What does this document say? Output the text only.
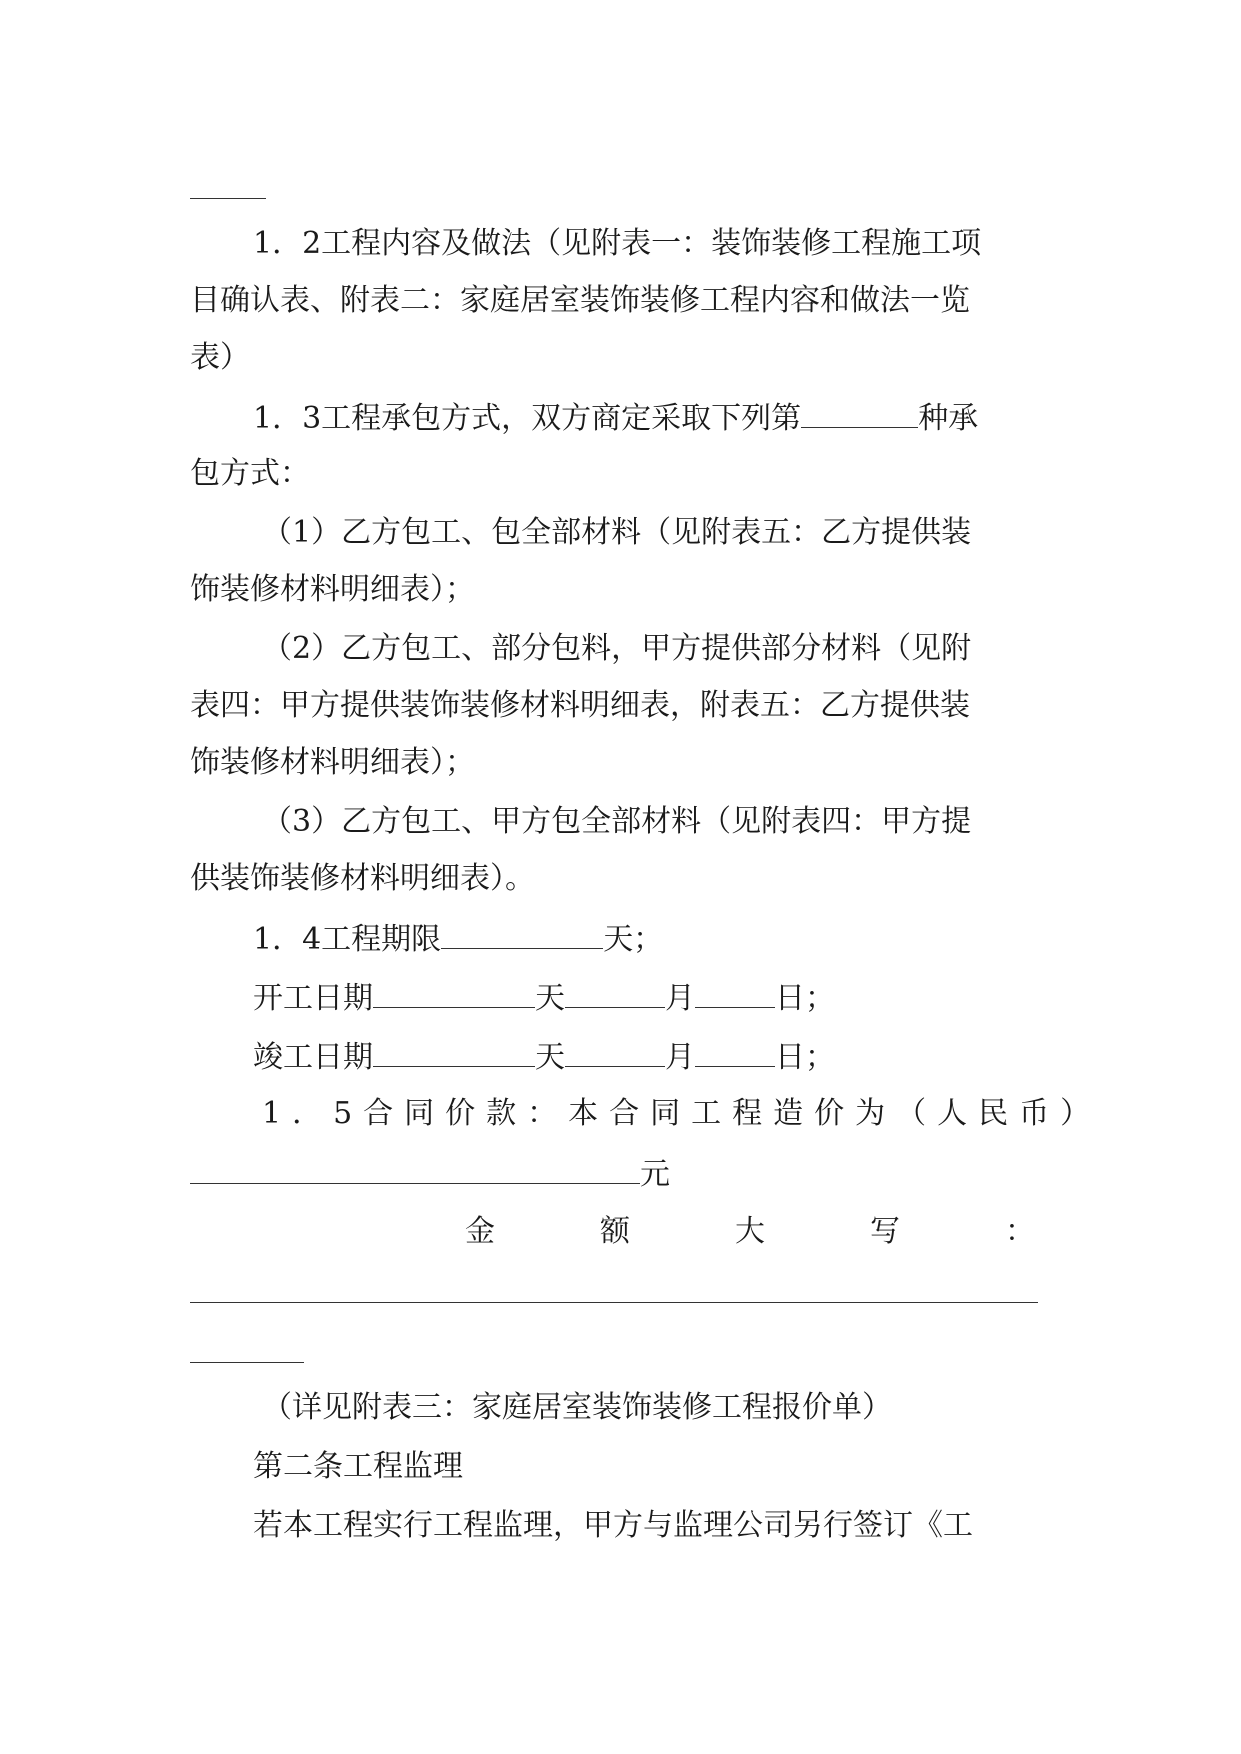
1．2工程内容及做法（见附表一：装饰装修工程施工项
目确认表、附表二：家庭居室装饰装修工程内容和做法一览
表）
1．3工程承包方式，双方商定采取下列第	种承
包方式：
（1）乙方包工、包全部材料（见附表五：乙方提供装
饰装修材料明细表）；
（2）乙方包工、部分包料，甲方提供部分材料（见附
表四：甲方提供装饰装修材料明细表，附表五：乙方提供装
饰装修材料明细表）；
（3）乙方包工、甲方包全部材料（见附表四：甲方提
供装饰装修材料明细表）。
1．4工程期限	天；
开工日期	天	月	日；
竣工日期	天	月	日；
1．5合同价款：本合同工程造价为（人民币）
元
金	额	大	写	：
（详见附表三：家庭居室装饰装修工程报价单）
第二条工程监理
若本工程实行工程监理，甲方与监理公司另行签订《工
